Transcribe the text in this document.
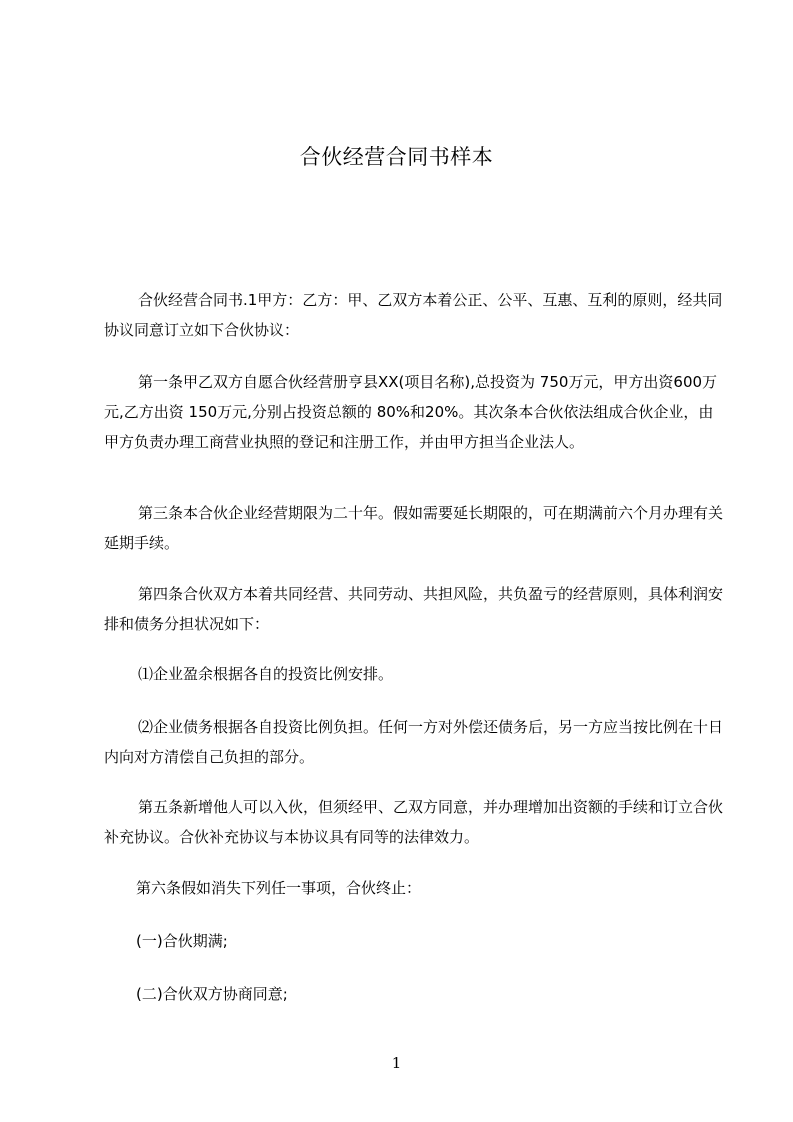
合伙经营合同书样本
合伙经营合同书.1甲方：乙方：甲、乙双方本着公正、公平、互惠、互利的原则，经共同协议同意订立如下合伙协议：
第一条甲乙双方自愿合伙经营册亨县XX(项目名称),总投资为 750万元，甲方出资600万元,乙方出资 150万元,分别占投资总额的 80%和20%。其次条本合伙依法组成合伙企业，由甲方负责办理工商营业执照的登记和注册工作，并由甲方担当企业法人。
第三条本合伙企业经营期限为二十年。假如需要延长期限的，可在期满前六个月办理有关延期手续。
第四条合伙双方本着共同经营、共同劳动、共担风险，共负盈亏的经营原则，具体利润安排和债务分担状况如下：
⑴企业盈余根据各自的投资比例安排。
⑵企业债务根据各自投资比例负担。任何一方对外偿还债务后，另一方应当按比例在十日内向对方清偿自己负担的部分。
第五条新增他人可以入伙，但须经甲、乙双方同意，并办理增加出资额的手续和订立合伙补充协议。合伙补充协议与本协议具有同等的法律效力。
第六条假如消失下列任一事项，合伙终止：
(一)合伙期满;
(二)合伙双方协商同意;
1
